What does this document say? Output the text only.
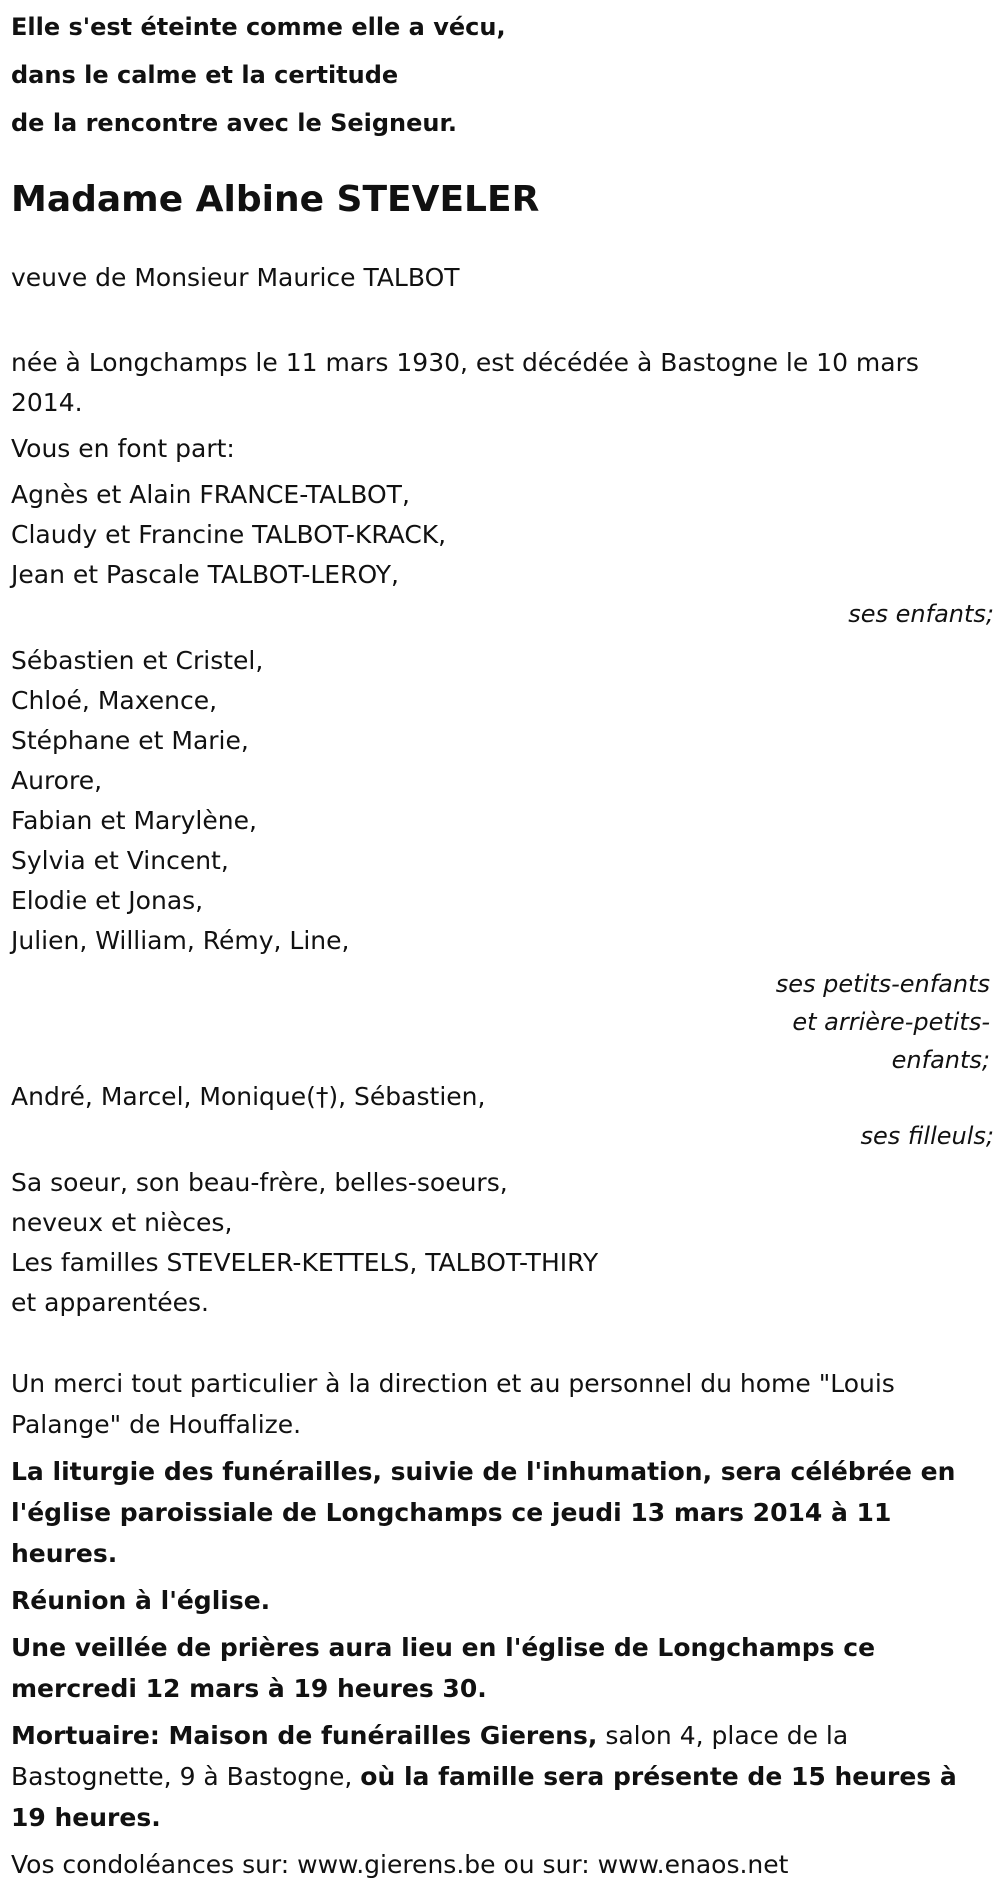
Elle s'est éteinte comme elle a vécu,
dans le calme et la certitude
de la rencontre avec le Seigneur.
Madame Albine STEVELER
veuve de Monsieur Maurice TALBOT
née à Longchamps le 11 mars 1930, est décédée à Bastogne le 10 mars 2014.
Vous en font part:
Agnès et Alain FRANCE-TALBOT,
Claudy et Francine TALBOT-KRACK,
Jean et Pascale TALBOT-LEROY,
ses enfants;
Sébastien et Cristel,
Chloé, Maxence,
Stéphane et Marie,
Aurore,
Fabian et Marylène,
Sylvia et Vincent,
Elodie et Jonas,
Julien, William, Rémy, Line,
ses petits-enfants
et arrière-petits-
enfants;
André, Marcel, Monique(†), Sébastien,
ses filleuls;
Sa soeur, son beau-frère, belles-soeurs,
neveux et nièces,
Les familles STEVELER-KETTELS, TALBOT-THIRY
et apparentées.
Un merci tout particulier à la direction et au personnel du home "Louis Palange" de Houffalize.
La liturgie des funérailles, suivie de l'inhumation, sera célébrée en l'église paroissiale de Longchamps ce jeudi 13 mars 2014 à 11 heures.
Réunion à l'église.
Une veillée de prières aura lieu en l'église de Longchamps ce mercredi 12 mars à 19 heures 30.
Mortuaire: Maison de funérailles Gierens, salon 4, place de la Bastognette, 9 à Bastogne, où la famille sera présente de 15 heures à 19 heures.
Vos condoléances sur: www.gierens.be ou sur: www.enaos.net
